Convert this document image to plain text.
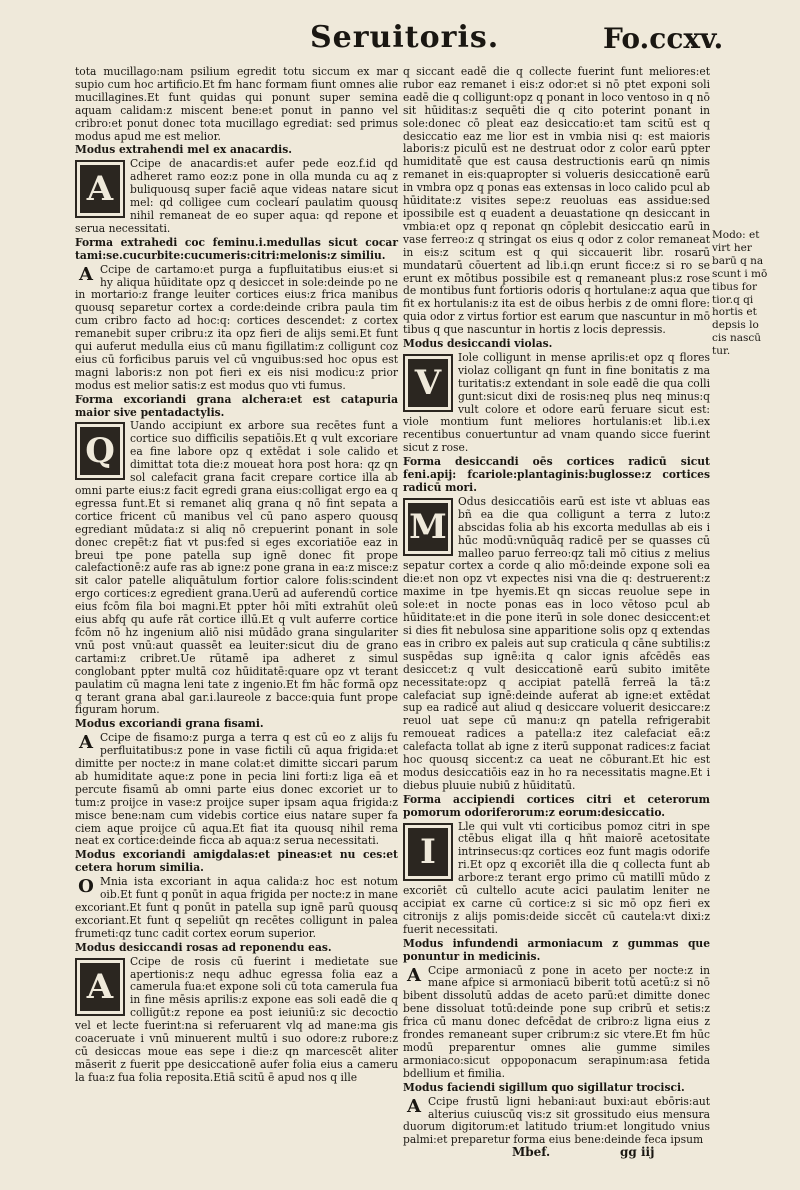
Seruitoris.	Fo.ccxv.

tota mucillago:nam psilium egredit totu siccum ex mar supio cum hoc artificio.Et fm hanc formam fiunt omnes alie mucillagines.Et funt quidas qui ponunt super semina aquam calidam:z miscent bene:et ponut in panno vel cribro:et ponut donec tota mucillago egrediat: sed primus modus apud me est melior.

Modus extrahendi mel ex anacardis.

A
Ccipe de anacardis:et aufer pede eoz.f.id qd adheret ramo eoz:z pone in olla munda cu aq z buliquousq super faciē aque videas natare sicut mel: qd colligee cum coclearí paulatim quousq nihil remaneat de eo super aqua: qd repone et serua necessitati.

Forma extrahedi coc feminu.i.medullas sicut cocar tami:se.cucurbite:cucumeris:citri:melonis:z similiu.

A Ccipe de cartamo:et purga a fupfluitatibus eius:et si hy aliqua hūiditate opz q desiccet in sole:deinde po ne in mortario:z frange leuiter cortices eius:z frica manibus quousq separetur cortex a corde:deinde cribra paula tim cum cribro facto ad hoc:q: cortices descendet: z cortex remanebit super cribru:z ita opz fieri de alijs semi.Et funt qui auferut medulla eius cū manu figillatim:z colligunt coz eius cū forficibus paruis vel cū vnguibus:sed hoc opus est magni laboris:z non pot fieri ex eis nisi modicu:z prior modus est melior satis:z est modus quo vti fumus.

Forma excoriandi grana alchera:et est catapuria maior sive pentadactylis.

Q
Uando accipiunt ex arbore sua recētes funt a cortice suo difficilis sepatiōis.Et q vult excoriare ea fine labore opz q extēdat i sole calido et dimittat tota die:z moueat hora post hora: qz qn sol calefacit grana facit crepare cortice illa ab omni parte eius:z facit egredi grana eius:colligat ergo ea q egressa funt.Et si remanet aliq grana q nō fint sepata a cortice fricent cū manibus vel cū pano aspero quousq egrediant mūdata:z si aliq nō crepuerint ponant in sole donec crepēt:z fiat vt pus:fed si eges excoriatiōe eaz in breui tpe pone patella sup ignē donec fit prope calefactionē:z aufe ras ab igne:z pone grana in ea:z misce:z sit calor patelle aliquātulum fortior calore folis:scindent ergo cortices:z egredient grana.Uerū ad auferendū cortice eius fcōm fila boi magni.Et ppter hōi mīti extrahūt oleū eius abfq qu aufe rāt cortice illū.Et q vult auferre cortice fcōm nō hz ingenium aliō nisi mūdādo grana singulariter vnū post vnū:aut quassēt ea leuiter:sicut diu de grano cartami:z cribret.Ue rūtamē ipa adheret z simul conglobant ppter multā coz hūiditatē:quare opz vt terant paulatim cū magna leni tate z ingenio.Et fm hāc formā opz q terant grana abal gar.i.laureole z bacce:quia funt prope figuram horum.

Modus excoriandi grana fisami.

A Ccipe de fisamo:z purga a terra q est cū eo z alijs fu perfluitatibus:z pone in vase fictili cū aqua frigida:et dimitte per nocte:z in mane colat:et dimitte siccari parum ab humiditate aque:z pone in pecia lini forti:z liga eā et percute fisamū ab omni parte eius donec excoriet ur to tum:z proijce in vase:z proijce super ipsam aqua frigida:z misce bene:nam cum videbis cortice eius natare super fa ciem aque proijce cū aqua.Et fiat ita quousq nihil rema neat ex cortice:deinde ficca ab aqua:z serua necessitati.

Modus excoriandi amigdalas:et pineas:et nu ces:et cetera horum similia.

O Mnia ista excoriant in aqua calida:z hoc est notum oib.Et funt q ponūt in aqua frigida per nocte:z in mane excoriant.Et funt q ponūt in patella sup ignē parū quousq excoriant.Et funt q sepeliūt qn recētes colligunt in palea frumeti:qz tunc cadit cortex eorum superior.

Modus desiccandi rosas ad reponendu eas.

A
Ccipe de rosis cū fuerint i medietate sue apertionis:z nequ adhuc egressa folia eaz a camerula fua:et expone soli cū tota camerula fua in fine mēsis aprilis:z expone eas soli eadē die q colligūt:z repone ea post ieiuniū:z sic decoctio vel et lecte fuerint:na si referuarent vlq ad mane:ma gis coaceruate i vnū minuerent multū i suo odore:z rubore:z cū desiccas moue eas sepe i die:z qn marcescēt aliter māserit z fuerit ppe desiccationē aufer folia eius a cameru la fua:z fua folia reposita.Etiā scitū ē apud nos q ille

q siccant eadē die q collecte fuerint funt meliores:et rubor eaz remanet i eis:z odor:et si nō ptet exponi soli eadē die q colligunt:opz q ponant in loco ventoso in q nō sit hūiditas:z sequēti die q cito poterint ponant in sole:donec cō pleat eaz desiccatio:et tam scitū est q desiccatio eaz me lior est in vmbia nisi q: est maioris laboris:z piculū est ne destruat odor z color earū ppter humiditatē que est causa destructionis earū qn nimis remanet in eis:quapropter si volueris desiccationē earū in vmbra opz q ponas eas extensas in loco calido pcul ab hūiditate:z visites sepe:z reuoluas eas assidue:sed ipossibile est q euadent a deuastatione qn desiccant in vmbia:et opz q reponat qn cōplebit desiccatio earū in vase ferreo:z q stringat os eius q odor z color remaneat in eis:z scitum est q qui siccauerit libr. rosarū mundatarū cōuertent ad lib.i.qn erunt ficce:z si ro se erunt ex mōtibus possibile est q remaneant plus:z rose de montibus funt fortioris odoris q hortulane:z aqua que fit ex hortulanis:z ita est de oibus herbis z de omni flore: quia odor z virtus fortior est earum que nascuntur in mō tibus q que nascuntur in hortis z locis depressis.

Modus desiccandi violas.

V
Iole colligunt in mense aprilis:et opz q flores violaz colligant qn funt in fine bonitatis z ma turitatis:z extendant in sole eadē die qua colli gunt:sicut dixi de rosis:neq plus neq minus:q vult colore et odore earū feruare sicut est: viole montium funt meliores hortulanis:et lib.i.ex recentibus conuertuntur ad vnam quando sicce fuerint sicut z rose.

Forma desiccandi oēs cortices radicū sicut feni.apij: fcariole:plantaginis:buglosse:z cortices radicū mori.

M
Odus desiccatiōis earū est iste vt abluas eas bñ ea die qua colligunt a terra z luto:z abscidas folia ab his excorta medullas ab eis i hūc modū:vnūquāq radicē per se quasses cū malleo paruo ferreo:qz tali mō citius z melius sepatur cortex a corde q alio mō:deinde expone soli ea die:et non opz vt expectes nisi vna die q: destruerent:z maxime in tpe hyemis.Et qn siccas reuolue sepe in sole:et in nocte ponas eas in loco vētoso pcul ab hūiditate:et in die pone iterū in sole donec desiccent:et si dies fit nebulosa sine apparitione solis opz q extendas eas in cribro ex paleis aut sup craticula q cāne subtilis:z suspēdas sup ignē:ita q calor ignis afcēdēs eas desiccet:z q vult desiccationē earū subito imitēte necessitate:opz q accipiat patellā ferreā la tā:z calefaciat sup ignē:deinde auferat ab igne:et extēdat sup ea radicē aut aliud q desiccare voluerit desiccare:z reuol uat sepe cū manu:z qn patella refrigerabit remoueat radices a patella:z itez calefaciat eā:z calefacta tollat ab igne z iterū supponat radices:z faciat hoc quousq siccent:z ca ueat ne cōburant.Et hic est modus desiccatiōis eaz in ho ra necessitatis magne.Et i diebus pluuie nubiū z hūiditatū.

Forma accipiendi cortices citri et ceterorum pomorum odoriferorum:z eorum:desiccatio.

I
Lle qui vult vti corticibus pomoz citri in spe ctēbus eligat illa q hñt maiorē acetositate intrinsecus:qz cortices eoz funt magis odorife ri.Et opz q excoriēt illa die q collecta funt ab arbore:z terant ergo primo cū matillī mūdo z excoriēt cū cultello acute acici paulatim leniter ne accipiat ex carne cū cortice:z si sic mō opz fieri ex citronijs z alijs pomis:deide siccēt cū cautela:vt dixi:z fuerit necessitati.

Modus infundendi armoniacum z gummas que ponuntur in medicinis.

A Ccipe armoniacū z pone in aceto per nocte:z in mane afpice si armoniacū biberit totū acetū:z si nō bibent dissolutū addas de aceto parū:et dimitte donec bene dissoluat totū:deinde pone sup cribrū et setis:z frica cū manu donec defcēdat de cribro:z ligna eius z frondes remaneant super cribrum:z sic vtere.Et fm hūc modū preparentur omnes alie gumme similes armoniaco:sicut oppoponacum serapinum:asa fetida bdellium et fimilia.

Modus faciendi sigillum quo sigillatur trocisci.

A Ccipe frustū ligni hebani:aut buxi:aut ebōris:aut alterius cuiuscūq vis:z sit grossitudo eius mensura duorum digitorum:et latitudo trium:et longitudo vnius palmi:et preparetur forma eius bene:deinde feca ipsum

Modo: et virt her barū q na scunt i mō tibus for tior.q qi hortis et depsis lo cis nascū tur.
Mbef.	gg iij
